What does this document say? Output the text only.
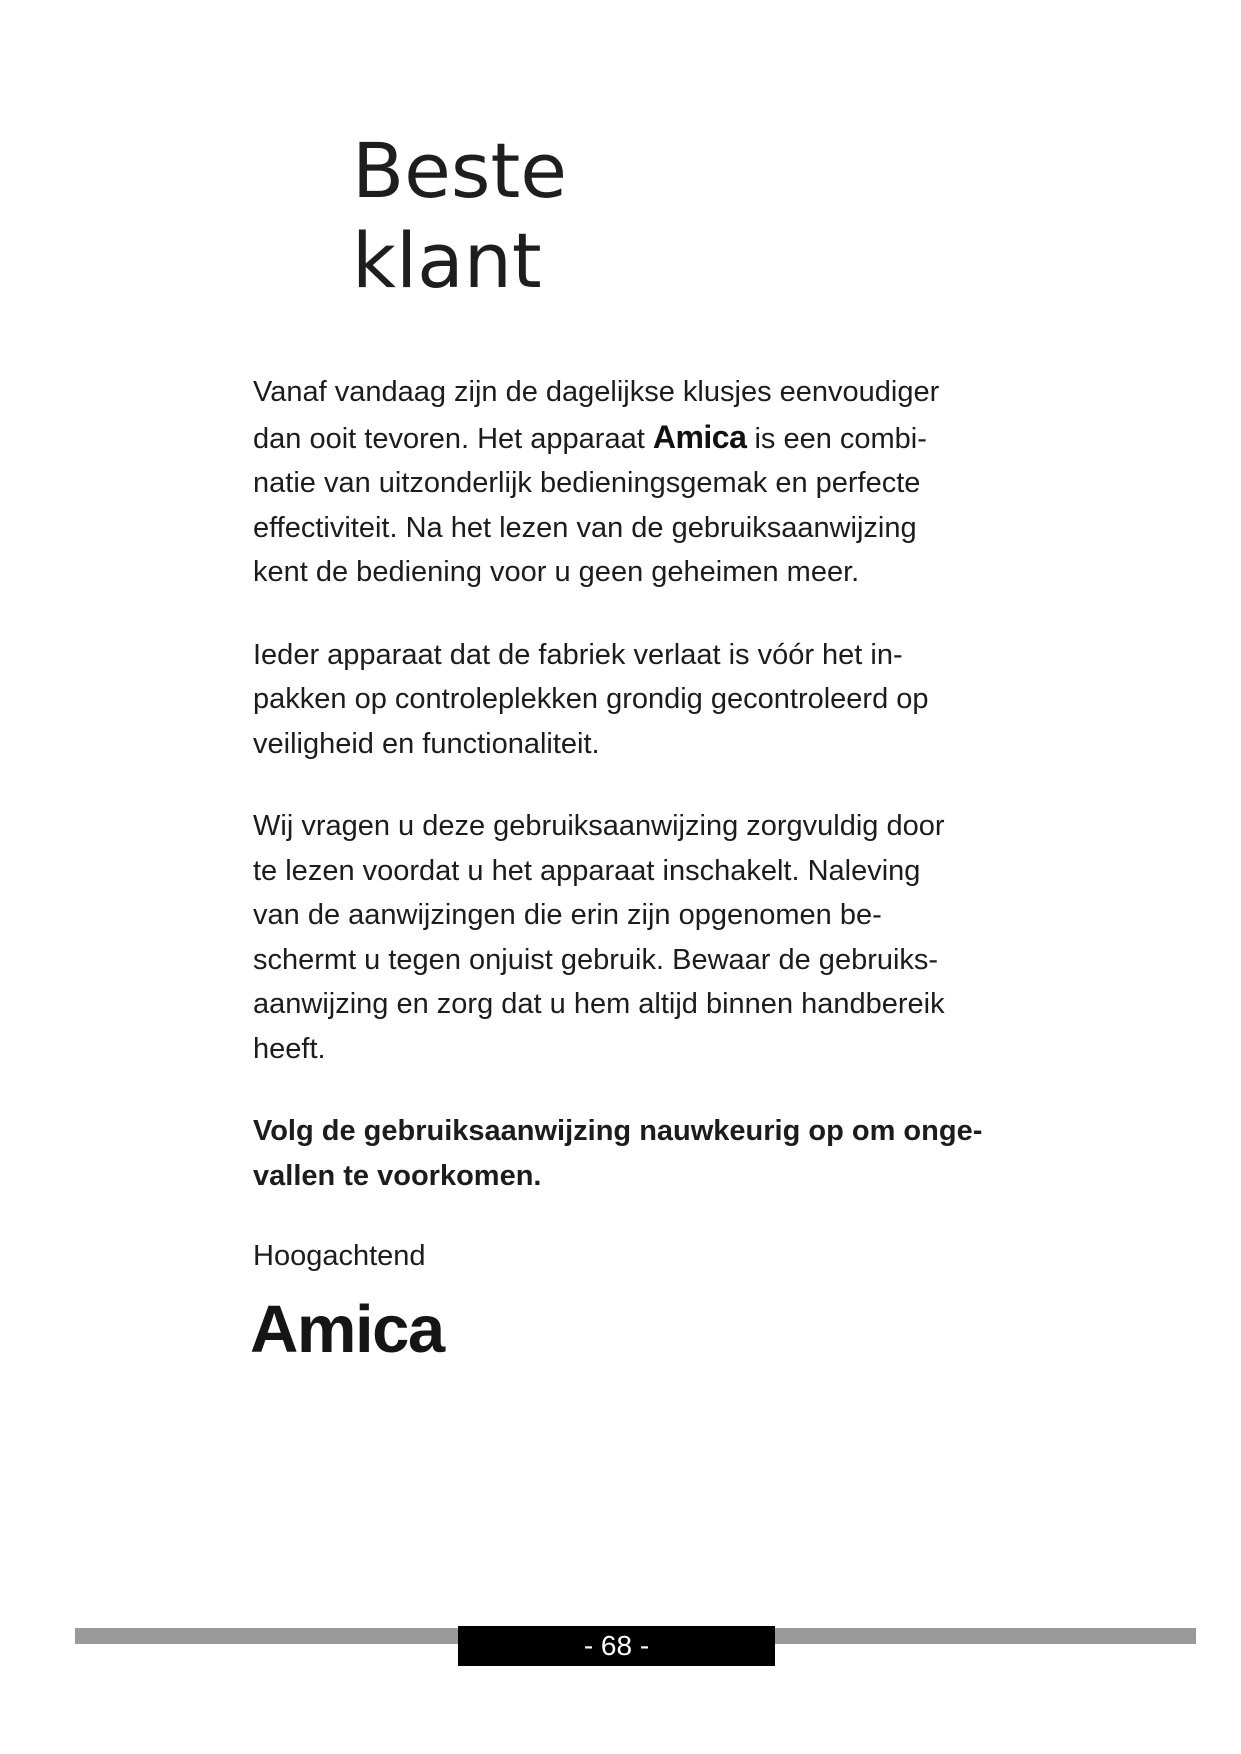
Beste
klant

Vanaf vandaag zijn de dagelijkse klusjes eenvoudiger
dan ooit tevoren. Het apparaat Amica is een combi-
natie van uitzonderlijk bedieningsgemak en perfecte
effectiviteit. Na het lezen van de gebruiksaanwijzing
kent de bediening voor u geen geheimen meer.

Ieder apparaat dat de fabriek verlaat is vóór het in-
pakken op controleplekken grondig gecontroleerd op
veiligheid en functionaliteit.

Wij vragen u deze gebruiksaanwijzing zorgvuldig door
te lezen voordat u het apparaat inschakelt. Naleving
van de aanwijzingen die erin zijn opgenomen be-
schermt u tegen onjuist gebruik. Bewaar de gebruiks-
aanwijzing en zorg dat u hem altijd binnen handbereik
heeft.

Volg de gebruiksaanwijzing nauwkeurig op om onge-
vallen te voorkomen.

Hoogachtend
Amica
- 68 -
